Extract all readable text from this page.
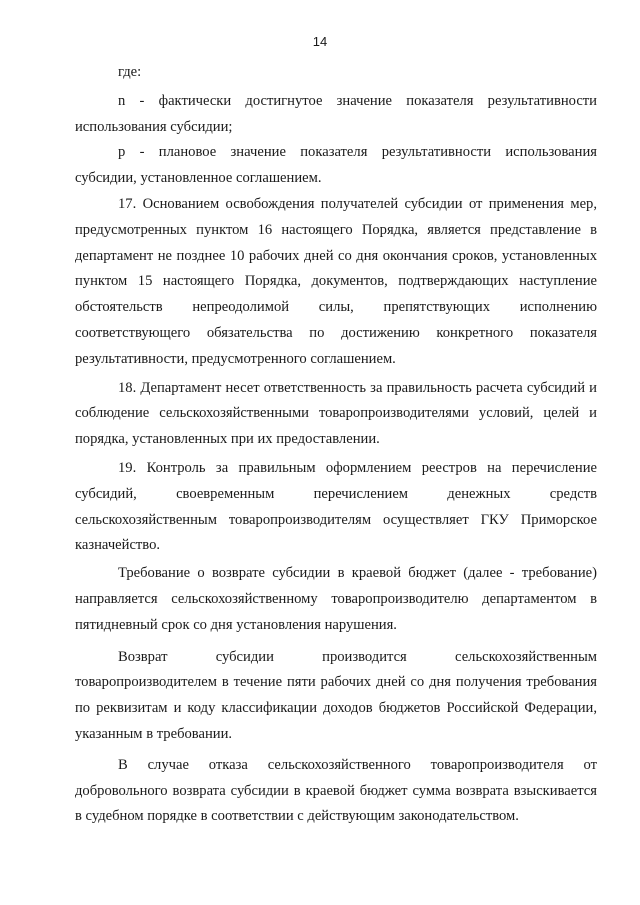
14

где:

n - фактически достигнутое значение показателя результативности использования субсидии;

p - плановое значение показателя результативности использования субсидии, установленное соглашением.

17. Основанием освобождения получателей субсидии от применения мер, предусмотренных пунктом 16 настоящего Порядка, является представление в департамент не позднее 10 рабочих дней со дня окончания сроков, установленных пунктом 15 настоящего Порядка, документов, подтверждающих наступление обстоятельств непреодолимой силы, препятствующих исполнению соответствующего обязательства по достижению конкретного показателя результативности, предусмотренного соглашением.

18. Департамент несет ответственность за правильность расчета субсидий и соблюдение сельскохозяйственными товаропроизводителями условий, целей и порядка, установленных при их предоставлении.

19. Контроль за правильным оформлением реестров на перечисление субсидий, своевременным перечислением денежных средств сельскохозяйственным товаропроизводителям осуществляет ГКУ Приморское казначейство.

Требование о возврате субсидии в краевой бюджет (далее - требование) направляется сельскохозяйственному товаропроизводителю департаментом в пятидневный срок со дня установления нарушения.

Возврат субсидии производится сельскохозяйственным товаропроизводителем в течение пяти рабочих дней со дня получения требования по реквизитам и коду классификации доходов бюджетов Российской Федерации, указанным в требовании.

В случае отказа сельскохозяйственного товаропроизводителя от добровольного возврата субсидии в краевой бюджет сумма возврата взыскивается в судебном порядке в соответствии с действующим законодательством.
